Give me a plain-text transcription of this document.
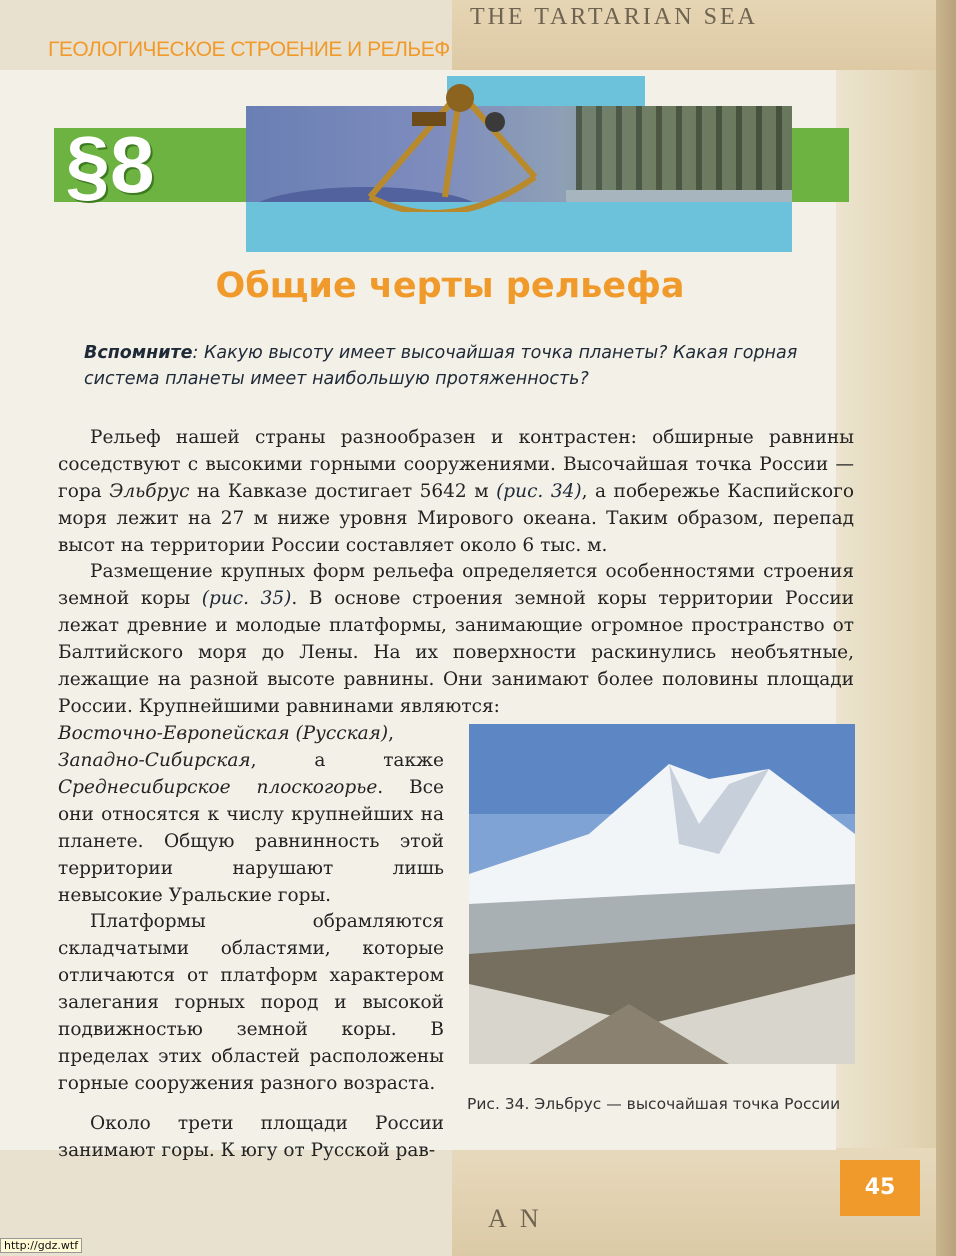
THE TARTARIAN SEA
A N
ГЕОЛОГИЧЕСКОЕ СТРОЕНИЕ И РЕЛЬЕФ
§8
Общие черты рельефа
Вспомните: Какую высоту имеет высочайшая точка планеты? Какая горная система планеты имеет наибольшую протяженность?
Рельеф нашей страны разнообразен и контрастен: обширные равнины соседствуют с высокими горными сооружениями. Высочайшая точка России — гора Эльбрус на Кавказе достигает 5642 м (рис. 34), а побережье Каспийского моря лежит на 27 м ниже уровня Мирового океана. Таким образом, перепад высот на территории России составляет около 6 тыс. м.
Размещение крупных форм рельефа определяется особенностями строения земной коры (рис. 35). В основе строения земной коры территории России лежат древние и молодые платформы, занимающие огромное пространство от Балтийского моря до Лены. На их поверхности раскинулись необъятные, лежащие на разной высоте равнины. Они занимают более половины площади России. Крупнейшими равнинами являются:
Восточно-Европейская (Русская),
Западно-Сибирская, а также Среднесибирское плоскогорье. Все они относятся к числу крупнейших на планете. Общую равнинность этой территории нарушают лишь невысокие Уральские горы.
Платформы обрамляются складчатыми областями, которые отличаются от платформ характером залегания горных пород и высокой подвижностью земной коры. В пределах этих областей расположены горные сооружения разного возраста.
Около трети площади России занимают горы. К югу от Русской рав-
Рис. 34. Эльбрус — высочайшая точка России
45
http://gdz.wtf
